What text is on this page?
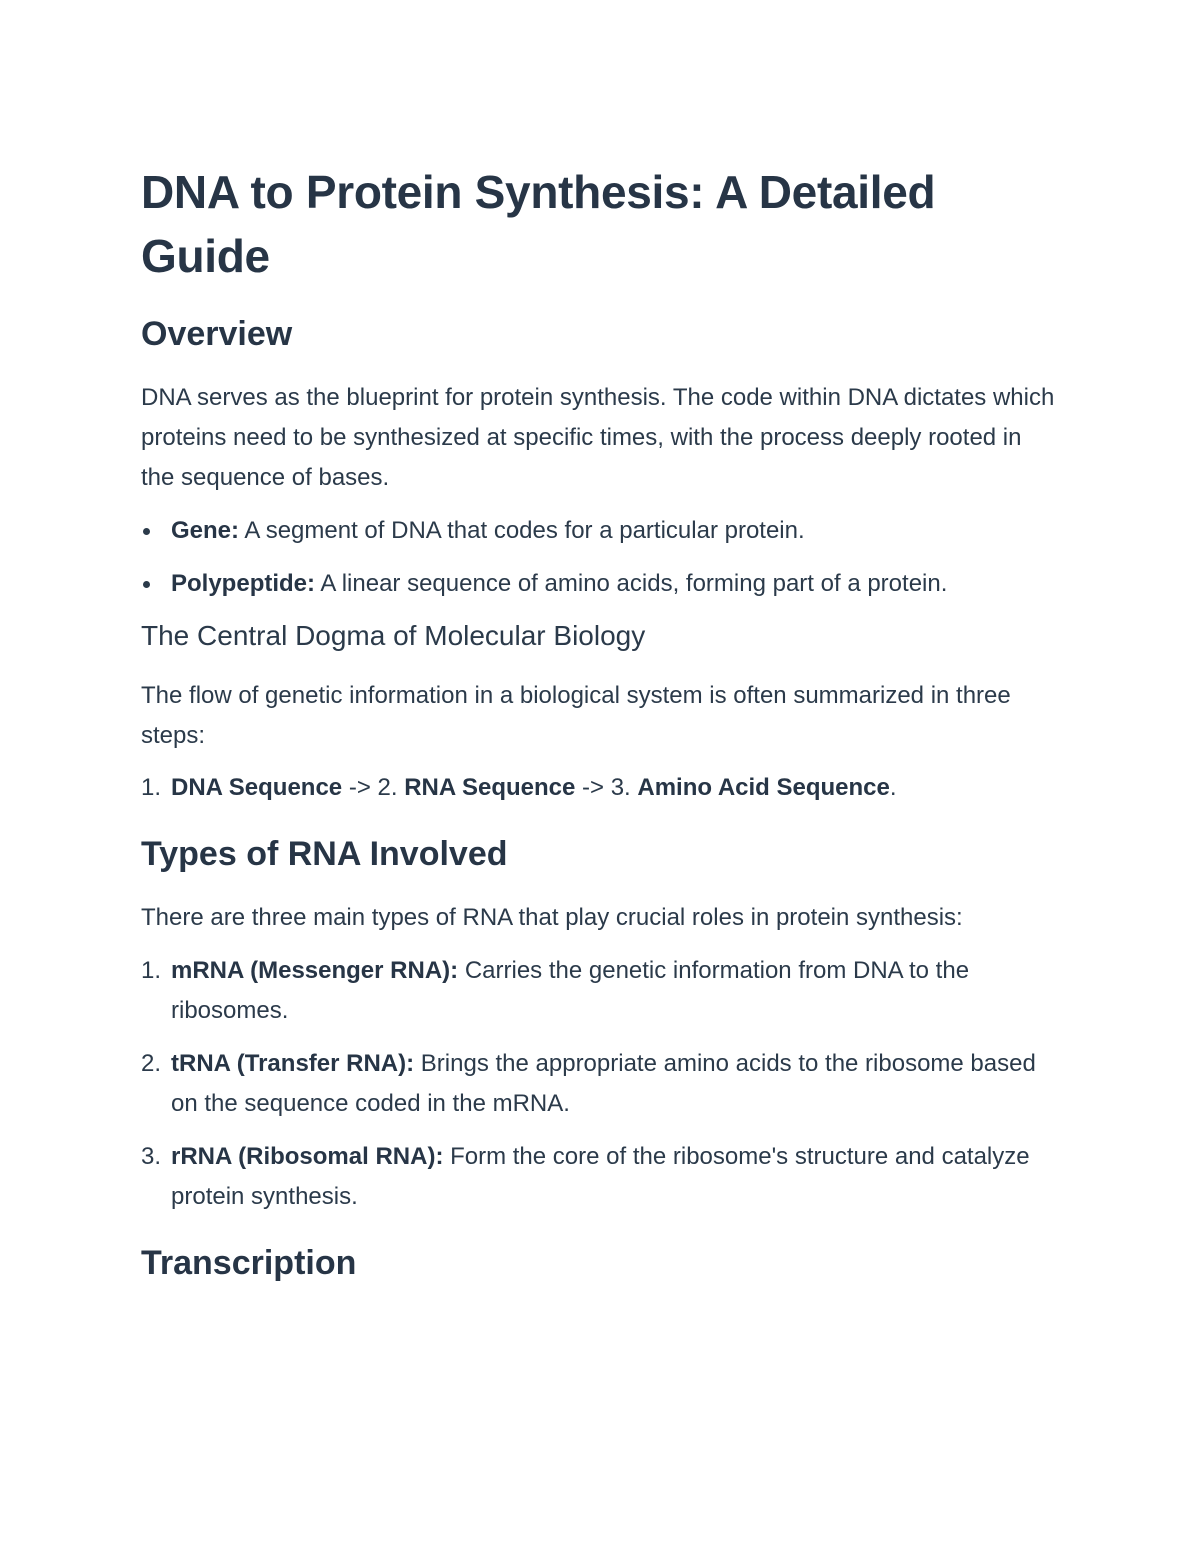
DNA to Protein Synthesis: A Detailed Guide
Overview

DNA serves as the blueprint for protein synthesis. The code within DNA dictates which proteins need to be synthesized at specific times, with the process deeply rooted in the sequence of bases.

Gene: A segment of DNA that codes for a particular protein.
Polypeptide: A linear sequence of amino acids, forming part of a protein.
The Central Dogma of Molecular Biology

The flow of genetic information in a biological system is often summarized in three steps:

1. DNA Sequence -> 2. RNA Sequence -> 3. Amino Acid Sequence.
Types of RNA Involved

There are three main types of RNA that play crucial roles in protein synthesis:

1. mRNA (Messenger RNA): Carries the genetic information from DNA to the ribosomes.
2. tRNA (Transfer RNA): Brings the appropriate amino acids to the ribosome based on the sequence coded in the mRNA.
3. rRNA (Ribosomal RNA): Form the core of the ribosome's structure and catalyze protein synthesis.
Transcription
